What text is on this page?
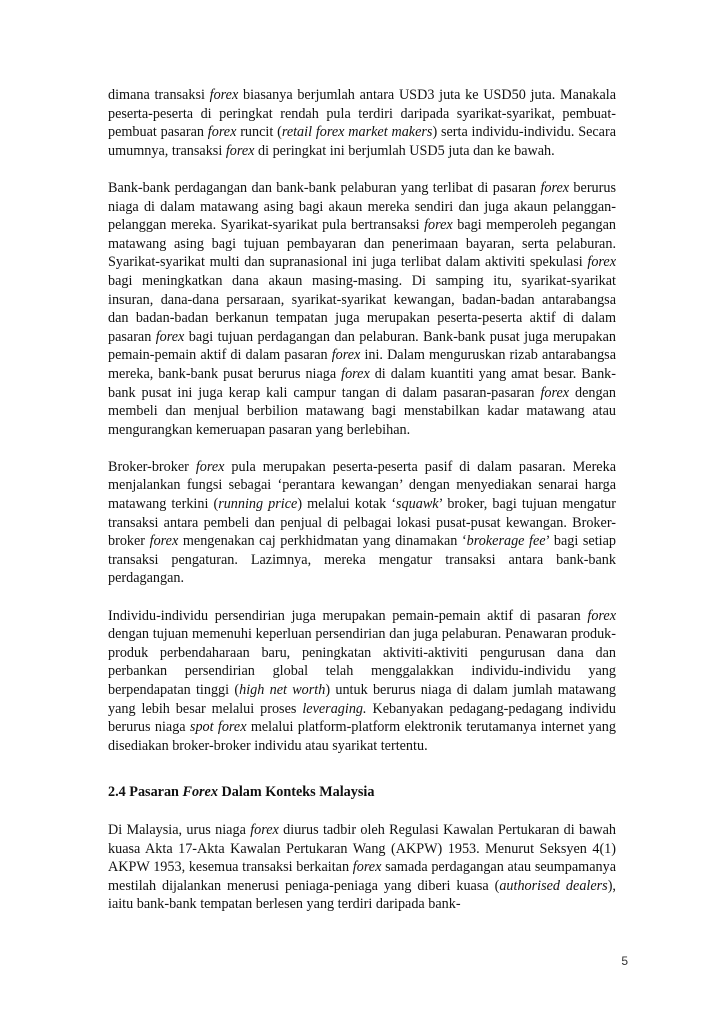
dimana transaksi forex biasanya berjumlah antara USD3 juta ke USD50 juta. Manakala peserta-peserta di peringkat rendah pula terdiri daripada syarikat-syarikat, pembuat-pembuat pasaran forex runcit (retail forex market makers) serta individu-individu. Secara umumnya, transaksi forex di peringkat ini berjumlah USD5 juta dan ke bawah.

Bank-bank perdagangan dan bank-bank pelaburan yang terlibat di pasaran forex berurus niaga di dalam matawang asing bagi akaun mereka sendiri dan juga akaun pelanggan-pelanggan mereka. Syarikat-syarikat pula bertransaksi forex bagi memperoleh pegangan matawang asing bagi tujuan pembayaran dan penerimaan bayaran, serta pelaburan. Syarikat-syarikat multi dan supranasional ini juga terlibat dalam aktiviti spekulasi forex bagi meningkatkan dana akaun masing-masing. Di samping itu, syarikat-syarikat insuran, dana-dana persaraan, syarikat-syarikat kewangan, badan-badan antarabangsa dan badan-badan berkanun tempatan juga merupakan peserta-peserta aktif di dalam pasaran forex bagi tujuan perdagangan dan pelaburan. Bank-bank pusat juga merupakan pemain-pemain aktif di dalam pasaran forex ini. Dalam menguruskan rizab antarabangsa mereka, bank-bank pusat berurus niaga forex di dalam kuantiti yang amat besar. Bank-bank pusat ini juga kerap kali campur tangan di dalam pasaran-pasaran forex dengan membeli dan menjual berbilion matawang bagi menstabilkan kadar matawang atau mengurangkan kemeruapan pasaran yang berlebihan.

Broker-broker forex pula merupakan peserta-peserta pasif di dalam pasaran. Mereka menjalankan fungsi sebagai ‘perantara kewangan’ dengan menyediakan senarai harga matawang terkini (running price) melalui kotak ‘squawk’ broker, bagi tujuan mengatur transaksi antara pembeli dan penjual di pelbagai lokasi pusat-pusat kewangan. Broker-broker forex mengenakan caj perkhidmatan yang dinamakan ‘brokerage fee’ bagi setiap transaksi pengaturan. Lazimnya, mereka mengatur transaksi antara bank-bank perdagangan.

Individu-individu persendirian juga merupakan pemain-pemain aktif di pasaran forex dengan tujuan memenuhi keperluan persendirian dan juga pelaburan. Penawaran produk-produk perbendaharaan baru, peningkatan aktiviti-aktiviti pengurusan dana dan perbankan persendirian global telah menggalakkan individu-individu yang berpendapatan tinggi (high net worth) untuk berurus niaga di dalam jumlah matawang yang lebih besar melalui proses leveraging. Kebanyakan pedagang-pedagang individu berurus niaga spot forex melalui platform-platform elektronik terutamanya internet yang disediakan broker-broker individu atau syarikat tertentu.

2.4 Pasaran Forex Dalam Konteks Malaysia

Di Malaysia, urus niaga forex diurus tadbir oleh Regulasi Kawalan Pertukaran di bawah kuasa Akta 17-Akta Kawalan Pertukaran Wang (AKPW) 1953. Menurut Seksyen 4(1) AKPW 1953, kesemua transaksi berkaitan forex samada perdagangan atau seumpamanya mestilah dijalankan menerusi peniaga-peniaga yang diberi kuasa (authorised dealers), iaitu bank-bank tempatan berlesen yang terdiri daripada bank-

5
